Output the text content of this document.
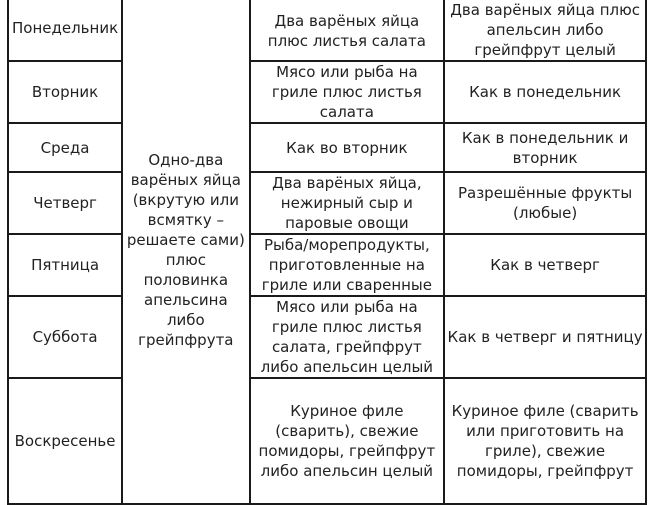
Понедельник	Одно-два варёных яйца (вкрутую или всмятку – решаете сами) плюс половинка апельсина либо грейпфрута	Два варёных яйца плюс листья салата	Два варёных яйца плюс апельсин либо грейпфрут целый
Вторник		Мясо или рыба на гриле плюс листья салата	Как в понедельник
Среда		Как во вторник	Как в понедельник и вторник
Четверг		Два варёных яйца, нежирный сыр и паровые овощи	Разрешённые фрукты (любые)
Пятница		Рыба/морепродукты, приготовленные на гриле или сваренные	Как в четверг
Суббота		Мясо или рыба на гриле плюс листья салата, грейпфрут либо апельсин целый	Как в четверг и пятницу
Воскресенье		Куриное филе (сварить), свежие помидоры, грейпфрут либо апельсин целый	Куриное филе (сварить или приготовить на гриле), свежие помидоры, грейпфрут
